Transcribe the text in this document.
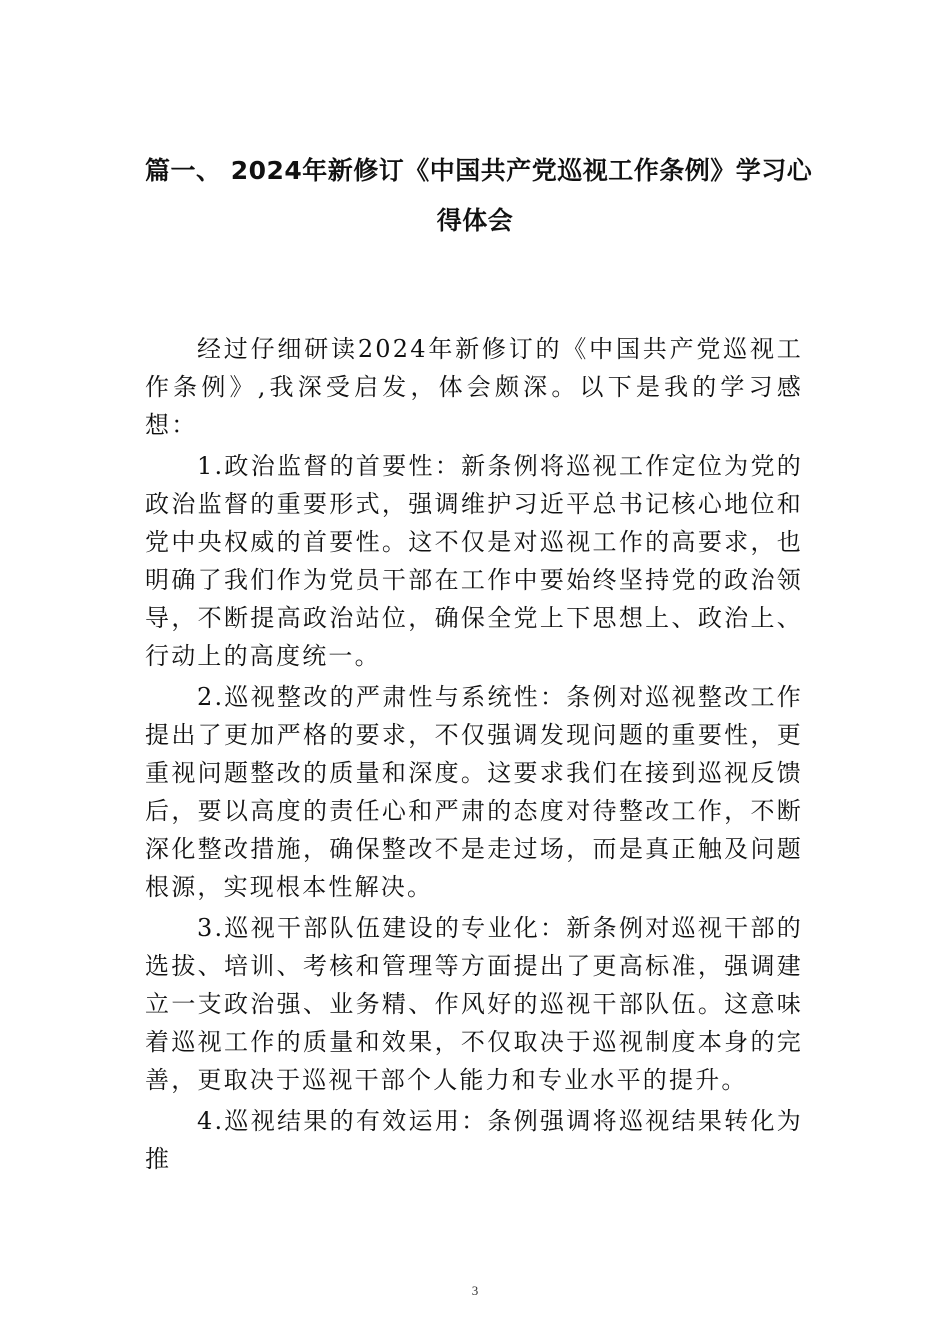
篇一、 2024年新修订《中国共产党巡视工作条例》学习心
得体会

经过仔细研读2024年新修订的《中国共产党巡视工作条例》,我深受启发，体会颇深。以下是我的学习感想：

1.政治监督的首要性：新条例将巡视工作定位为党的政治监督的重要形式，强调维护习近平总书记核心地位和党中央权威的首要性。这不仅是对巡视工作的高要求，也明确了我们作为党员干部在工作中要始终坚持党的政治领导，不断提高政治站位，确保全党上下思想上、政治上、行动上的高度统一。

2.巡视整改的严肃性与系统性：条例对巡视整改工作提出了更加严格的要求，不仅强调发现问题的重要性，更重视问题整改的质量和深度。这要求我们在接到巡视反馈后，要以高度的责任心和严肃的态度对待整改工作，不断深化整改措施，确保整改不是走过场，而是真正触及问题根源，实现根本性解决。

3.巡视干部队伍建设的专业化：新条例对巡视干部的选拔、培训、考核和管理等方面提出了更高标准，强调建立一支政治强、业务精、作风好的巡视干部队伍。这意味着巡视工作的质量和效果，不仅取决于巡视制度本身的完善，更取决于巡视干部个人能力和专业水平的提升。

4.巡视结果的有效运用：条例强调将巡视结果转化为推

3
